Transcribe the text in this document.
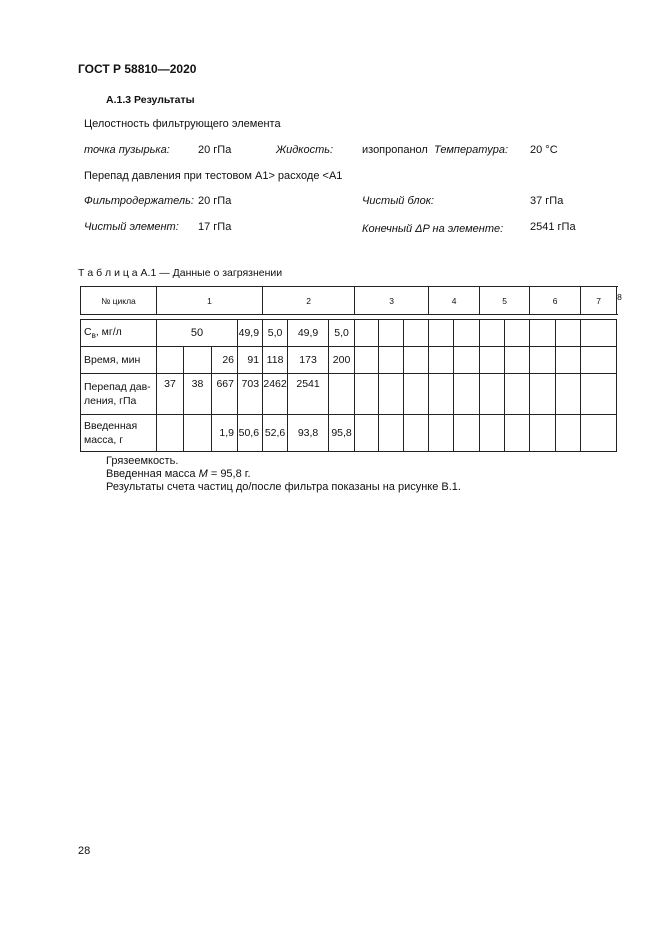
ГОСТ Р 58810—2020
А.1.3 Результаты
Целостность фильтрующего элемента
точка пузырька:	20 гПа	Жидкость:	изопропанол Температура: 20 °С
Перепад давления при тестовом А1> расходе <А1
Фильтродержатель: 20 гПа	Чистый блок:	37 гПа
Чистый элемент: 17 гПа	Конечный ΔP на элементе: 2541 гПа
Т а б л и ц а А.1 — Данные о загрязнении
№ цикла	1				2			3			4		5		6		7	8

$C_в$, мг/л	50			49,9	5,0	49,9	5,0											
Время, мин			26	91	118	173	200											
Перепад дав-
ления, гПа	37	38	667	703	2462	2541												
Введенная
масса, г			1,9	50,6	52,6	93,8	95,8											
Грязеемкость.
Введенная масса M = 95,8 г.
Результаты счета частиц до/после фильтра показаны на рисунке В.1.
28
